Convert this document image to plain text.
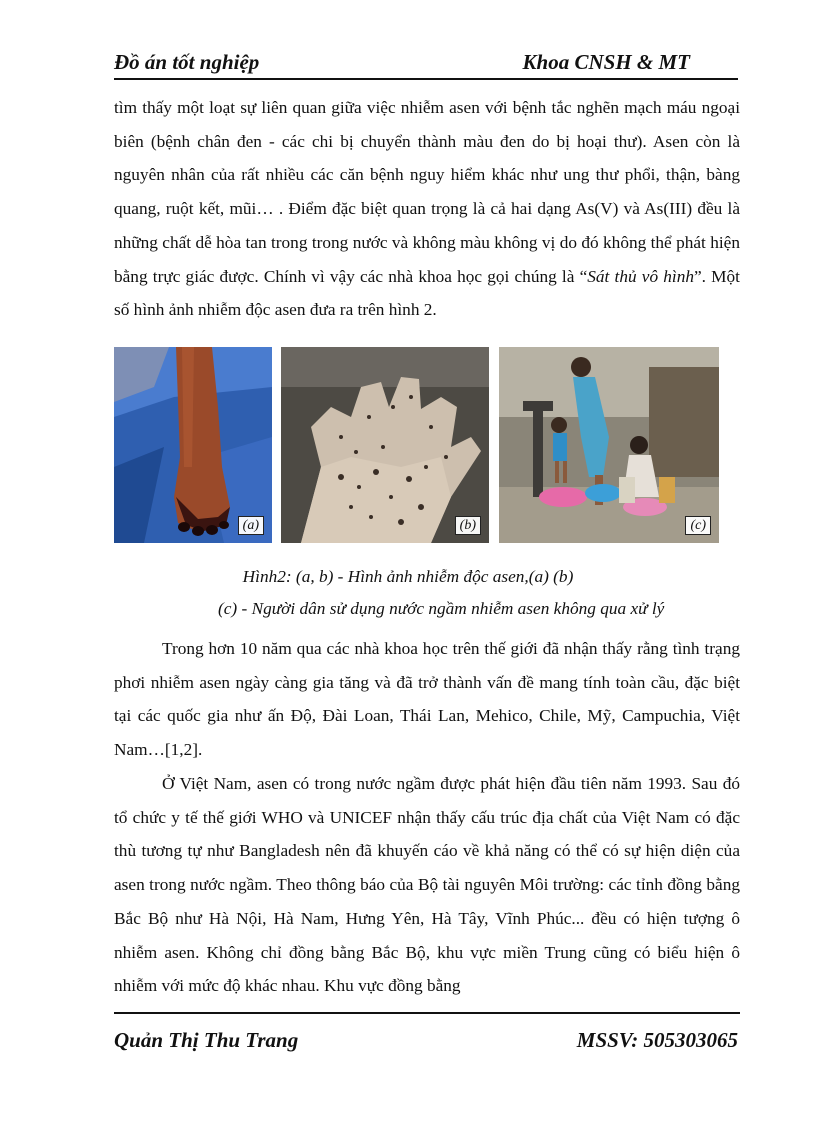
Đồ án tốt nghiệp	Khoa CNSH & MT

tìm thấy một loạt sự liên quan giữa việc nhiễm asen với bệnh tắc nghẽn mạch máu ngoại biên (bệnh chân đen - các chi bị chuyển thành màu đen do bị hoại thư). Asen còn là nguyên nhân của rất nhiều các căn bệnh nguy hiểm khác như ung thư phổi, thận, bàng quang, ruột kết, mũi… . Điểm đặc biệt quan trọng là cả hai dạng As(V) và As(III) đều là những chất dễ hòa tan trong trong nước và không màu không vị do đó không thể phát hiện bằng trực giác được. Chính vì vậy các nhà khoa học gọi chúng là “Sát thủ vô hình”. Một số hình ảnh nhiễm độc asen đưa ra trên hình 2.

(a)	(b)	(c)

Hình2: (a, b) - Hình ảnh nhiễm độc asen,(a) (b)

(c) - Người dân sử dụng nước ngầm nhiễm asen không qua xử lý

Trong hơn 10 năm qua các nhà khoa học trên thế giới đã nhận thấy rằng tình trạng phơi nhiễm asen ngày càng gia tăng và đã trở thành vấn đề mang tính toàn cầu, đặc biệt tại các quốc gia như ấn Độ, Đài Loan, Thái Lan, Mehico, Chile, Mỹ, Campuchia, Việt Nam…[1,2].

Ở Việt Nam, asen có trong nước ngầm được phát hiện đầu tiên năm 1993. Sau đó tổ chức y tế thế giới WHO và UNICEF nhận thấy cấu trúc địa chất của Việt Nam có đặc thù tương tự như Bangladesh nên đã khuyến cáo về khả năng có thể có sự hiện diện của asen trong nước ngầm. Theo thông báo của Bộ tài nguyên Môi trường: các tỉnh đồng bằng Bắc Bộ như Hà Nội, Hà Nam, Hưng Yên, Hà Tây, Vĩnh Phúc... đều có hiện tượng ô nhiễm asen. Không chỉ đồng bằng Bắc Bộ, khu vực miền Trung cũng có biểu hiện ô nhiễm với mức độ khác nhau. Khu vực đồng bằng

Quản Thị Thu Trang	MSSV: 505303065
